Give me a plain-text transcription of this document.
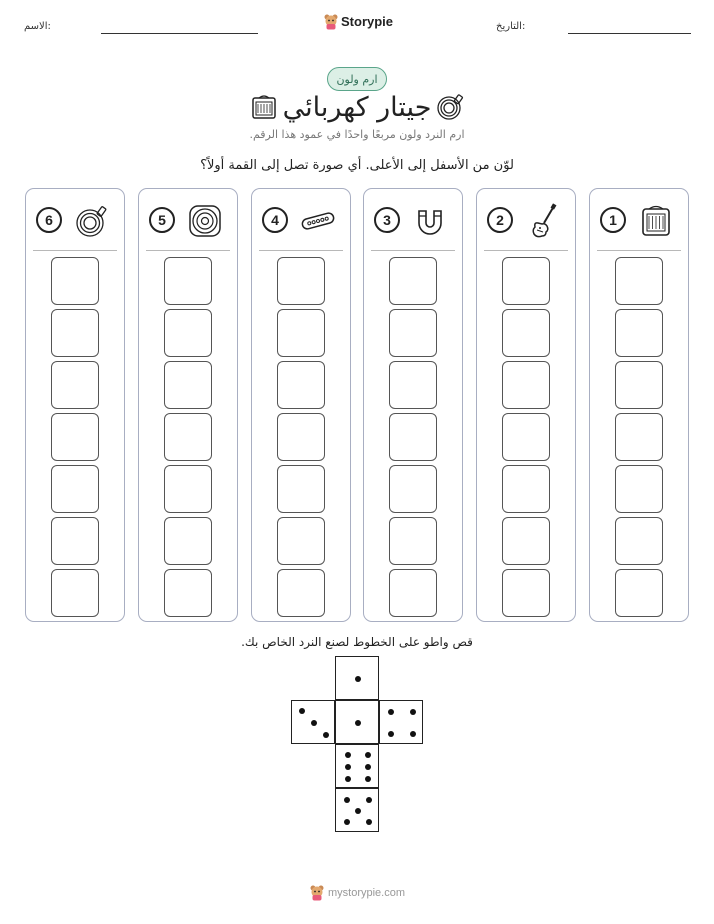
الاسم:	Storypie	التاريخ:
ارم ولون
جيتار كهربائي
ارم النرد ولون مربعًا واحدًا في عمود هذا الرقم.
لوّن من الأسفل إلى الأعلى. أي صورة تصل إلى القمة أولاً؟
1
2
3
4
5
6
قص واطو على الخطوط لصنع النرد الخاص بك.
mystorypie.com
